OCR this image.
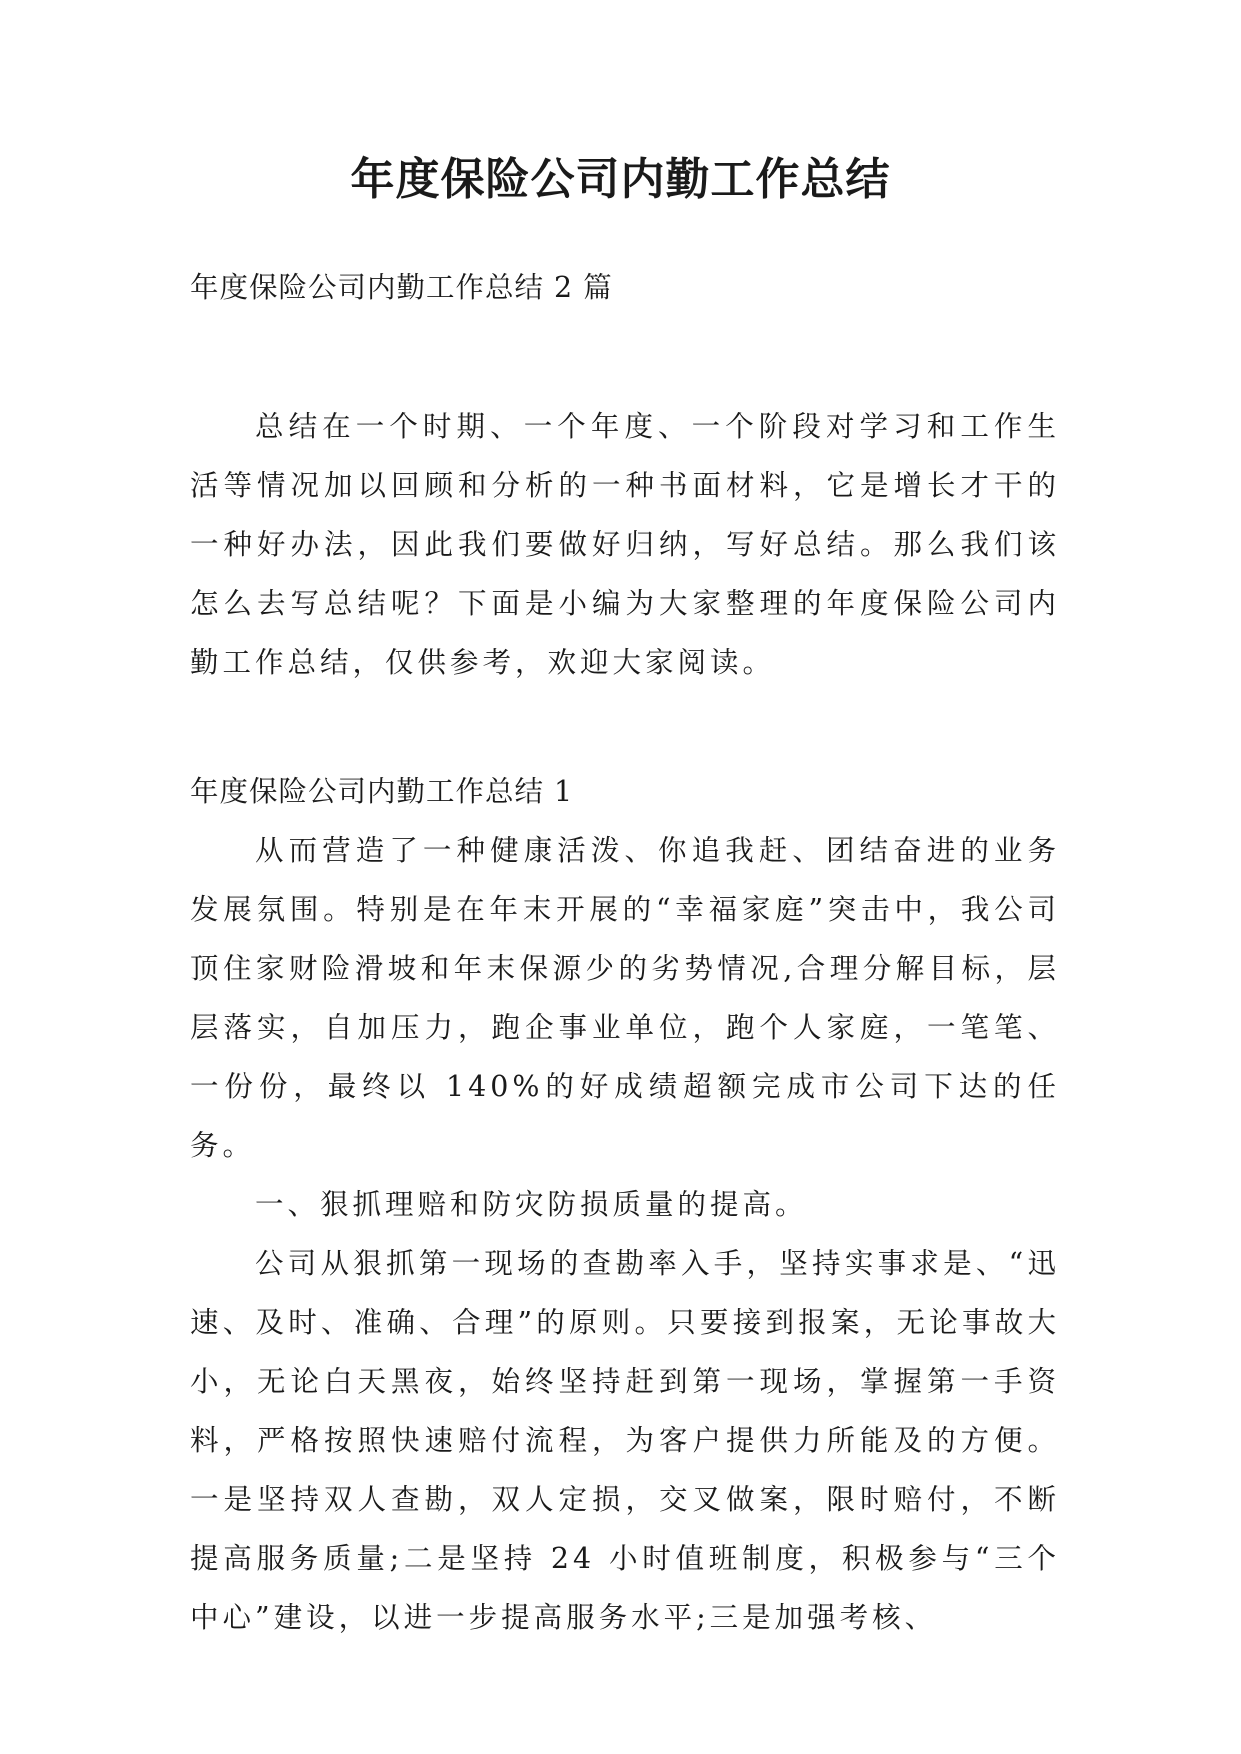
年度保险公司内勤工作总结

年度保险公司内勤工作总结 2 篇

总结在一个时期、一个年度、一个阶段对学习和工作生活等情况加以回顾和分析的一种书面材料，它是增长才干的一种好办法，因此我们要做好归纳，写好总结。那么我们该怎么去写总结呢？下面是小编为大家整理的年度保险公司内勤工作总结，仅供参考，欢迎大家阅读。

年度保险公司内勤工作总结 1

从而营造了一种健康活泼、你追我赶、团结奋进的业务发展氛围。特别是在年末开展的“幸福家庭”突击中，我公司顶住家财险滑坡和年末保源少的劣势情况,合理分解目标，层层落实，自加压力，跑企事业单位，跑个人家庭，一笔笔、一份份，最终以 140%的好成绩超额完成市公司下达的任务。

一、狠抓理赔和防灾防损质量的提高。

公司从狠抓第一现场的查勘率入手，坚持实事求是、“迅速、及时、准确、合理”的原则。只要接到报案，无论事故大小，无论白天黑夜，始终坚持赶到第一现场，掌握第一手资料，严格按照快速赔付流程，为客户提供力所能及的方便。一是坚持双人查勘，双人定损，交叉做案，限时赔付，不断提高服务质量;二是坚持 24 小时值班制度，积极参与“三个中心”建设，以进一步提高服务水平;三是加强考核、
